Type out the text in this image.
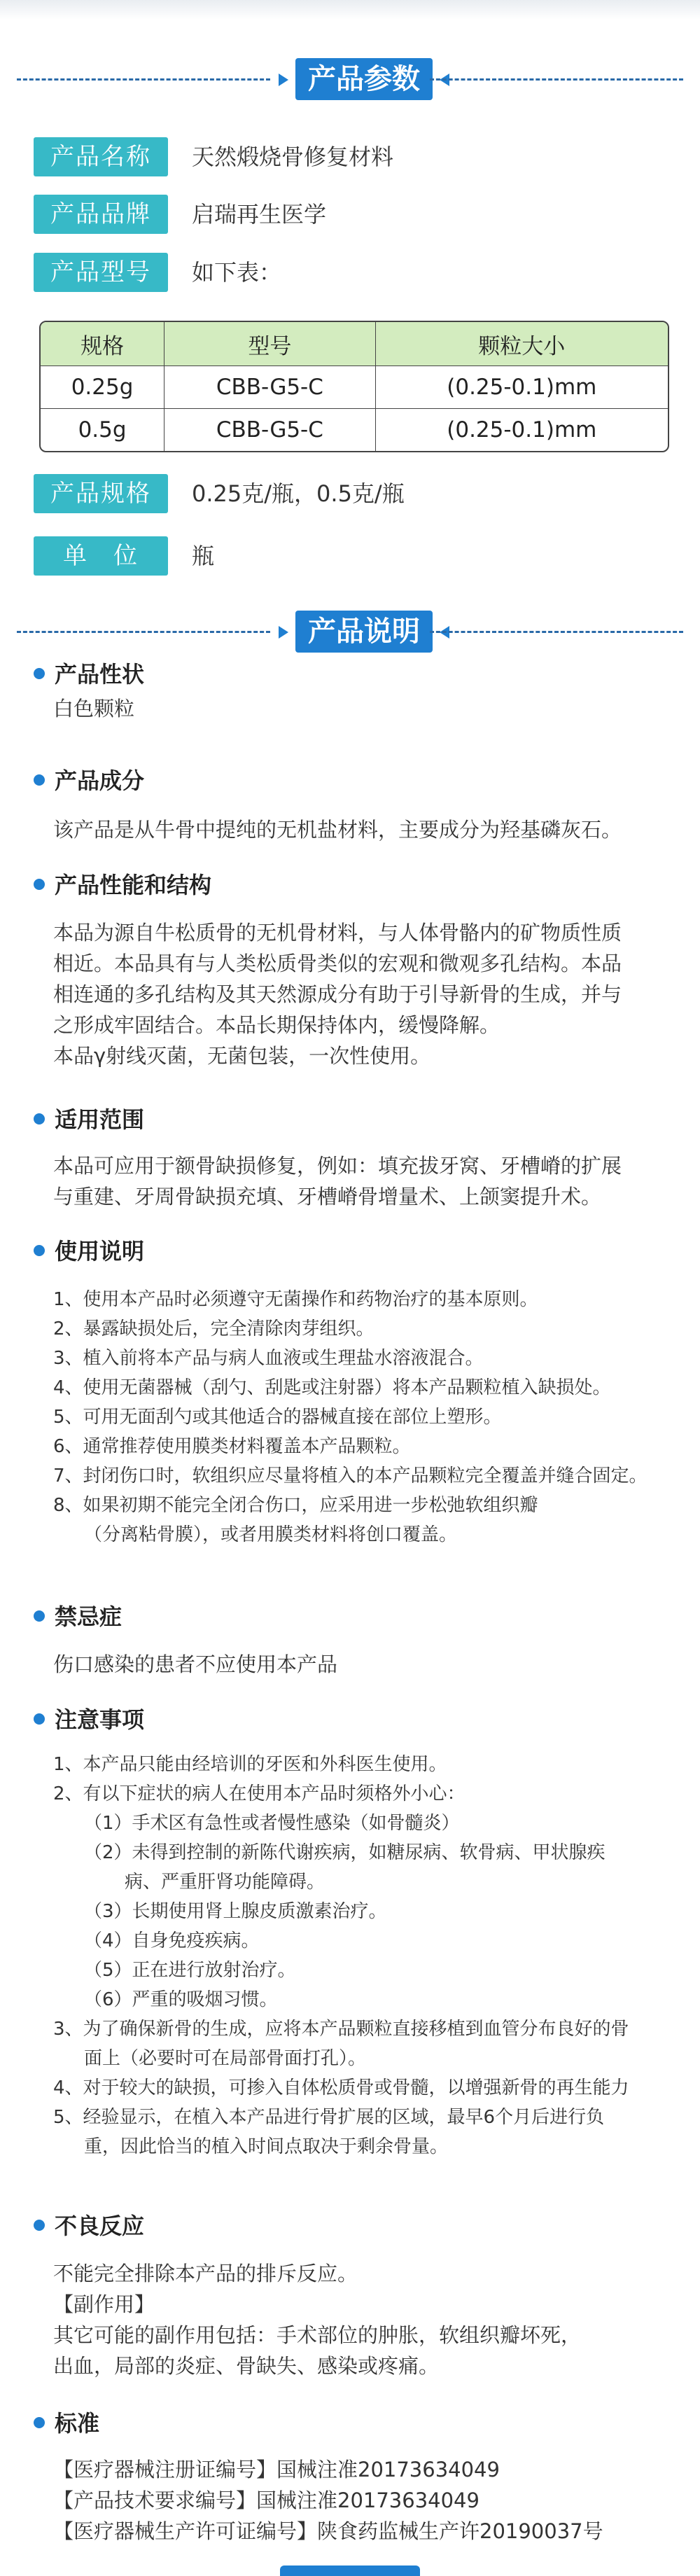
产品参数
产品名称	天然煅烧骨修复材料
产品品牌	启瑞再生医学
产品型号	如下表：
规格	型号	颗粒大小
0.25g	CBB-G5-C	(0.25-0.1)mm
0.5g	CBB-G5-C	(0.25-0.1)mm
产品规格	0.25克/瓶，0.5克/瓶
单　位	瓶
产品说明
产品性状
白色颗粒
产品成分
该产品是从牛骨中提纯的无机盐材料，主要成分为羟基磷灰石。
产品性能和结构
本品为源自牛松质骨的无机骨材料，与人体骨骼内的矿物质性质
相近。本品具有与人类松质骨类似的宏观和微观多孔结构。本品
相连通的多孔结构及其天然源成分有助于引导新骨的生成，并与
之形成牢固结合。本品长期保持体内，缓慢降解。
本品γ射线灭菌，无菌包装，一次性使用。
适用范围
本品可应用于额骨缺损修复，例如：填充拔牙窝、牙槽嵴的扩展
与重建、牙周骨缺损充填、牙槽嵴骨增量术、上颌窦提升术。
使用说明
1、使用本产品时必须遵守无菌操作和药物治疗的基本原则。
2、暴露缺损处后，完全清除肉芽组织。
3、植入前将本产品与病人血液或生理盐水溶液混合。
4、使用无菌器械（刮勺、刮匙或注射器）将本产品颗粒植入缺损处。
5、可用无面刮勺或其他适合的器械直接在部位上塑形。
6、通常推荐使用膜类材料覆盖本产品颗粒。
7、封闭伤口时，软组织应尽量将植入的本产品颗粒完全覆盖并缝合固定。
8、如果初期不能完全闭合伤口，应采用进一步松弛软组织瓣
（分离粘骨膜），或者用膜类材料将创口覆盖。
禁忌症
伤口感染的患者不应使用本产品
注意事项
1、本产品只能由经培训的牙医和外科医生使用。
2、有以下症状的病人在使用本产品时须格外小心：
（1）手术区有急性或者慢性感染（如骨髓炎）
（2）未得到控制的新陈代谢疾病，如糖尿病、软骨病、甲状腺疾
病、严重肝肾功能障碍。
（3）长期使用肾上腺皮质激素治疗。
（4）自身免疫疾病。
（5）正在进行放射治疗。
（6）严重的吸烟习惯。
3、为了确保新骨的生成，应将本产品颗粒直接移植到血管分布良好的骨
面上（必要时可在局部骨面打孔）。
4、对于较大的缺损，可掺入自体松质骨或骨髓，以增强新骨的再生能力
5、经验显示，在植入本产品进行骨扩展的区域，最早6个月后进行负
重，因此恰当的植入时间点取决于剩余骨量。
不良反应
不能完全排除本产品的排斥反应。
【副作用】
其它可能的副作用包括：手术部位的肿胀，软组织瓣坏死，
出血，局部的炎症、骨缺失、感染或疼痛。
标准
【医疗器械注册证编号】国械注准20173634049
【产品技术要求编号】国械注准20173634049
【医疗器械生产许可证编号】陕食药监械生产许20190037号
